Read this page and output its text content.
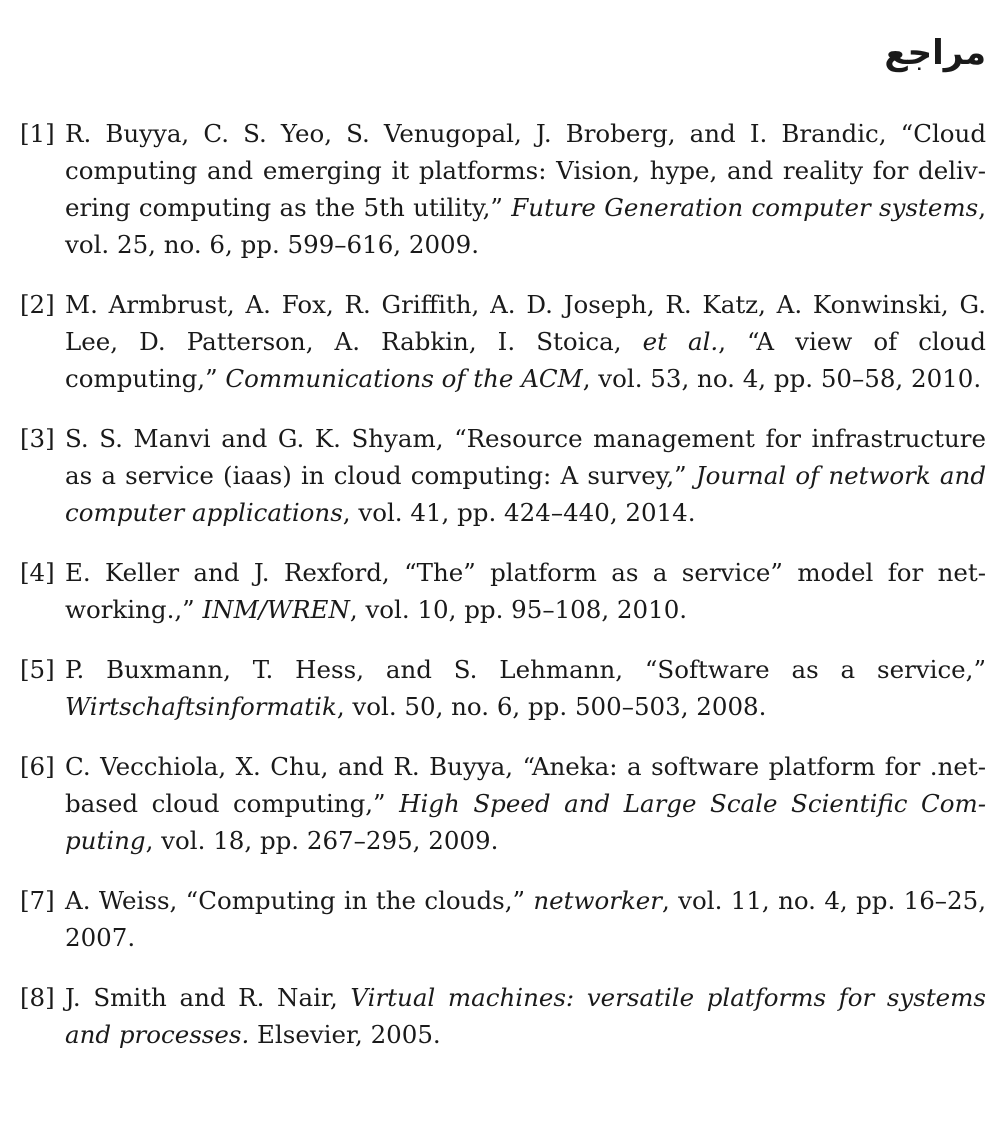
مراجع
[1] R. Buyya, C. S. Yeo, S. Venugopal, J. Broberg, and I. Brandic, “Cloud computing and emerging it platforms: Vision, hype, and reality for delivering computing as the 5th utility,” Future Generation computer systems, vol. 25, no. 6, pp. 599–616, 2009.
[2] M. Armbrust, A. Fox, R. Griffith, A. D. Joseph, R. Katz, A. Konwinski, G. Lee, D. Patterson, A. Rabkin, I. Stoica, et al., “A view of cloud computing,” Communications of the ACM, vol. 53, no. 4, pp. 50–58, 2010.
[3] S. S. Manvi and G. K. Shyam, “Resource management for infrastructure as a service (iaas) in cloud computing: A survey,” Journal of network and computer applications, vol. 41, pp. 424–440, 2014.
[4] E. Keller and J. Rexford, “The” platform as a service” model for networking.,” INM/WREN, vol. 10, pp. 95–108, 2010.
[5] P. Buxmann, T. Hess, and S. Lehmann, “Software as a service,” Wirtschaftsinformatik, vol. 50, no. 6, pp. 500–503, 2008.
[6] C. Vecchiola, X. Chu, and R. Buyya, “Aneka: a software platform for .net-based cloud computing,” High Speed and Large Scale Scientific Computing, vol. 18, pp. 267–295, 2009.
[7] A. Weiss, “Computing in the clouds,” networker, vol. 11, no. 4, pp. 16–25, 2007.
[8] J. Smith and R. Nair, Virtual machines: versatile platforms for systems and processes. Elsevier, 2005.
